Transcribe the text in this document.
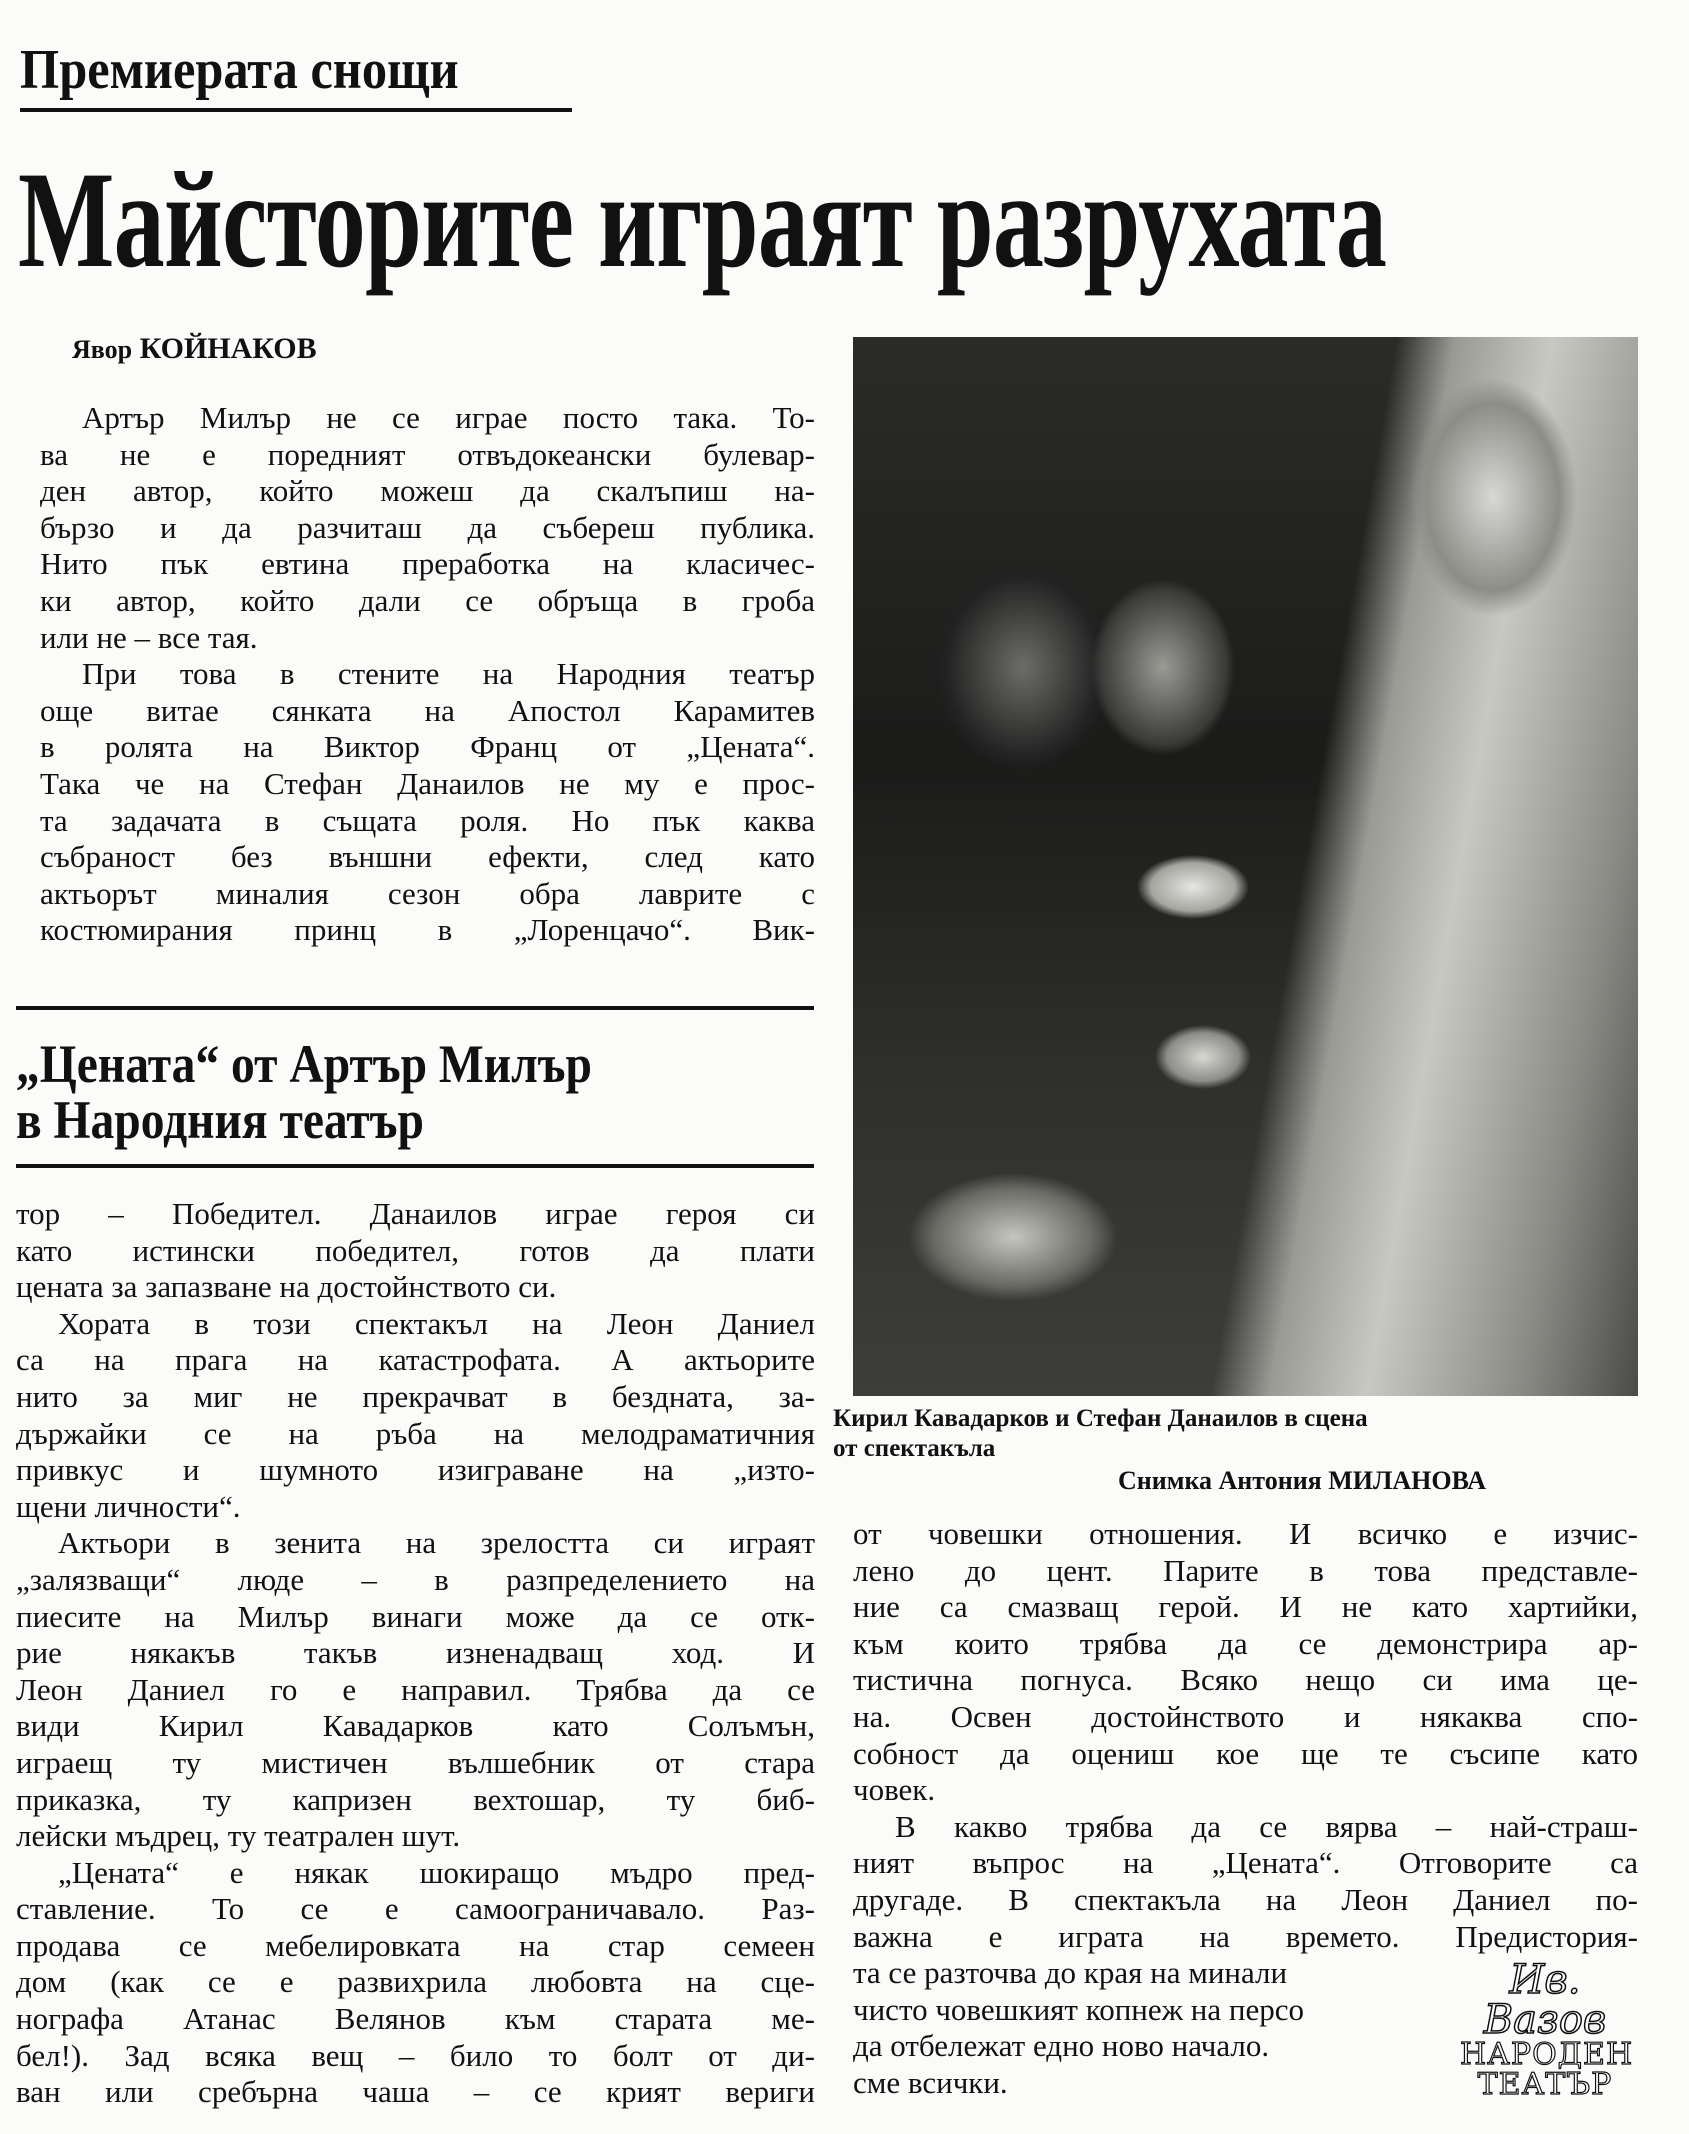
Премиерата снощи
Майсторите играят разрухата
Явор КОЙНАКОВ
Артър Милър не се играе посто така. То-
ва не е поредният отвъдокеански булевар-
ден автор, който можеш да скалъпиш на-
бързо и да разчиташ да събереш публика.
Нито пък евтина преработка на класичес-
ки автор, който дали се обръща в гроба
или не – все тая.
При това в стените на Народния театър
още витае сянката на Апостол Карамитев
в ролята на Виктор Франц от „Цената“.
Така че на Стефан Данаилов не му е прос-
та задачата в същата роля. Но пък каква
събраност без външни ефекти, след като
актьорът миналия сезон обра лаврите с
костюмирания принц в „Лоренцачо“. Вик-
„Цената“ от Артър Милър
в Народния театър
тор – Победител. Данаилов играе героя си
като истински победител, готов да плати
цената за запазване на достойнството си.
Хората в този спектакъл на Леон Даниел
са на прага на катастрофата. А актьорите
нито за миг не прекрачват в бездната, за-
държайки се на ръба на мелодраматичния
привкус и шумното изиграване на „изто-
щени личности“.
Актьори в зенита на зрелостта си играят
„залязващи“ люде – в разпределението на
пиесите на Милър винаги може да се отк-
рие някакъв такъв изненадващ ход. И
Леон Даниел го е направил. Трябва да се
види Кирил Кавадарков като Солъмън,
играещ ту мистичен вълшебник от стара
приказка, ту капризен вехтошар, ту биб-
лейски мъдрец, ту театрален шут.
„Цената“ е някак шокиращо мъдро пред-
ставление. То се е самоограничавало. Раз-
продава се мебелировката на стар семеен
дом (как се е развихрила любовта на сце-
нографа Атанас Велянов към старата ме-
бел!). Зад всяка вещ – било то болт от ди-
ван или сребърна чаша – се крият вериги
Кирил Кавадарков и Стефан Данаилов в сцена
от спектакъла
Снимка Антония МИЛАНОВА
от човешки отношения. И всичко е изчис-
лено до цент. Парите в това представле-
ние са смазващ герой. И не като хартийки,
към които трябва да се демонстрира ар-
тистична погнуса. Всяко нещо си има це-
на. Освен достойнството и някаква спо-
собност да оцениш кое ще те съсипе като
човек.
В какво трябва да се вярва – най-страш-
ният въпрос на „Цената“. Отговорите са
другаде. В спектакъла на Леон Даниел по-
важна е играта на времето. Предистория-
та се разточва до края на минали
чисто човешкият копнеж на персо
да отбележат едно ново начало.
сме всички.
Ив. Вазов
НАРОДЕН
ТЕАТЪР
